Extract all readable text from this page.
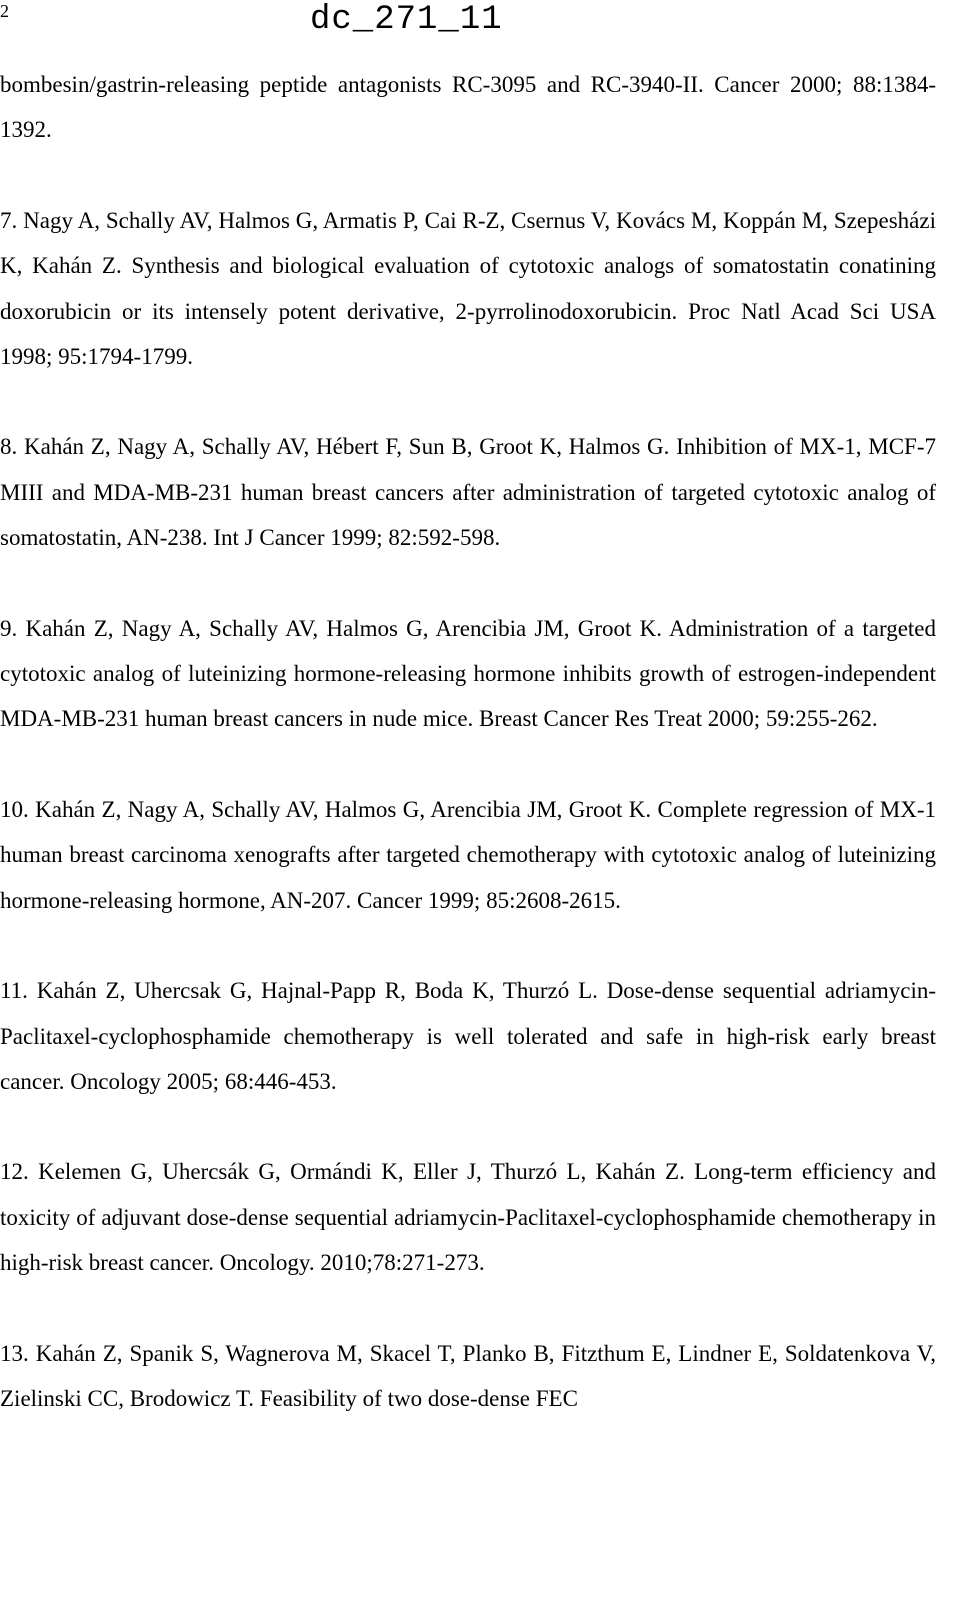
2	dc_271_11

bombesin/gastrin-releasing peptide antagonists RC-3095 and RC-3940-II. Cancer 2000; 88:1384-1392.

7. Nagy A, Schally AV, Halmos G, Armatis P, Cai R-Z, Csernus V, Kovács M, Koppán M, Szepesházi K, Kahán Z. Synthesis and biological evaluation of cytotoxic analogs of somatostatin conatining doxorubicin or its intensely potent derivative, 2-pyrrolinodoxorubicin. Proc Natl Acad Sci USA 1998; 95:1794-1799.

8. Kahán Z, Nagy A, Schally AV, Hébert F, Sun B, Groot K, Halmos G. Inhibition of MX-1, MCF-7 MIII and MDA-MB-231 human breast cancers after administration of targeted cytotoxic analog of somatostatin, AN-238. Int J Cancer 1999; 82:592-598.

9. Kahán Z, Nagy A, Schally AV, Halmos G, Arencibia JM, Groot K. Administration of a targeted cytotoxic analog of luteinizing hormone-releasing hormone inhibits growth of estrogen-independent MDA-MB-231 human breast cancers in nude mice. Breast Cancer Res Treat 2000; 59:255-262.

10. Kahán Z, Nagy A, Schally AV, Halmos G, Arencibia JM, Groot K. Complete regression of MX-1 human breast carcinoma xenografts after targeted chemotherapy with cytotoxic analog of luteinizing hormone-releasing hormone, AN-207. Cancer 1999; 85:2608-2615.

11. Kahán Z, Uhercsak G, Hajnal-Papp R, Boda K, Thurzó L. Dose-dense sequential adriamycin-Paclitaxel-cyclophosphamide chemotherapy is well tolerated and safe in high-risk early breast cancer. Oncology 2005; 68:446-453.

12. Kelemen G, Uhercsák G, Ormándi K, Eller J, Thurzó L, Kahán Z. Long-term efficiency and toxicity of adjuvant dose-dense sequential adriamycin-Paclitaxel-cyclophosphamide chemotherapy in high-risk breast cancer. Oncology. 2010;78:271-273.

13. Kahán Z, Spanik S, Wagnerova M, Skacel T, Planko B, Fitzthum E, Lindner E, Soldatenkova V, Zielinski CC, Brodowicz T. Feasibility of two dose-dense FEC
